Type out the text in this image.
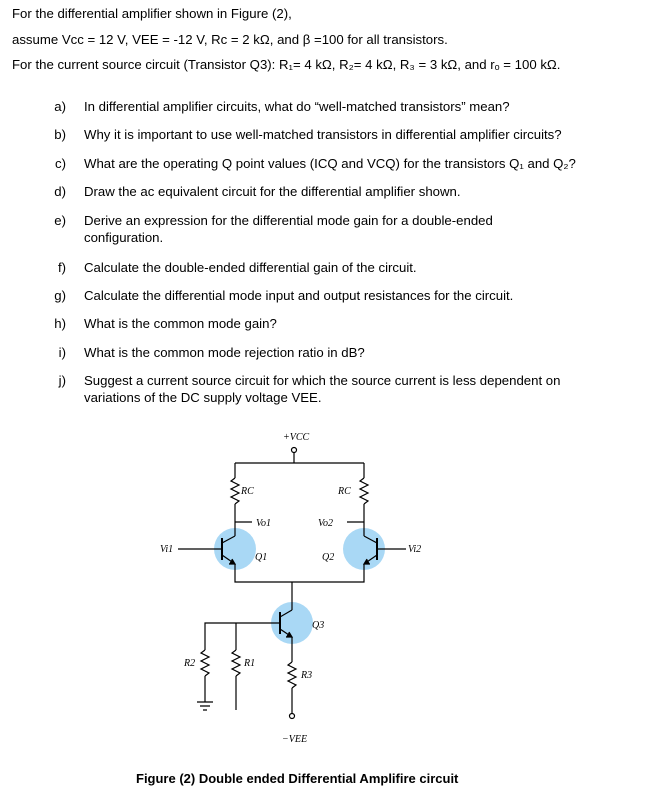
For the differential amplifier shown in Figure (2),
assume Vcc = 12 V, VEE = -12 V, Rc = 2 kΩ, and β =100 for all transistors.
For the current source circuit (Transistor Q3): R₁= 4 kΩ, R₂= 4 kΩ, R₃ = 3 kΩ, and rₒ = 100 kΩ.
a) In differential amplifier circuits, what do “well-matched transistors” mean?
b) Why it is important to use well-matched transistors in differential amplifier circuits?
c) What are the operating Q point values (ICQ and VCQ) for the transistors Q₁ and Q₂?
d) Draw the ac equivalent circuit for the differential amplifier shown.
e) Derive an expression for the differential mode gain for a double-ended
configuration.
f) Calculate the double-ended differential gain of the circuit.
g) Calculate the differential mode input and output resistances for the circuit.
h) What is the common mode gain?
i) What is the common mode rejection ratio in dB?
j) Suggest a current source circuit for which the source current is less dependent on
variations of the DC supply voltage VEE.
+VCC
RC	RC
Vo1	Vo2
Vi1	Vi2
Q1	Q2
Q3
R1
R2
R3
−VEE
Figure (2) Double ended Differential Amplifire circuit
